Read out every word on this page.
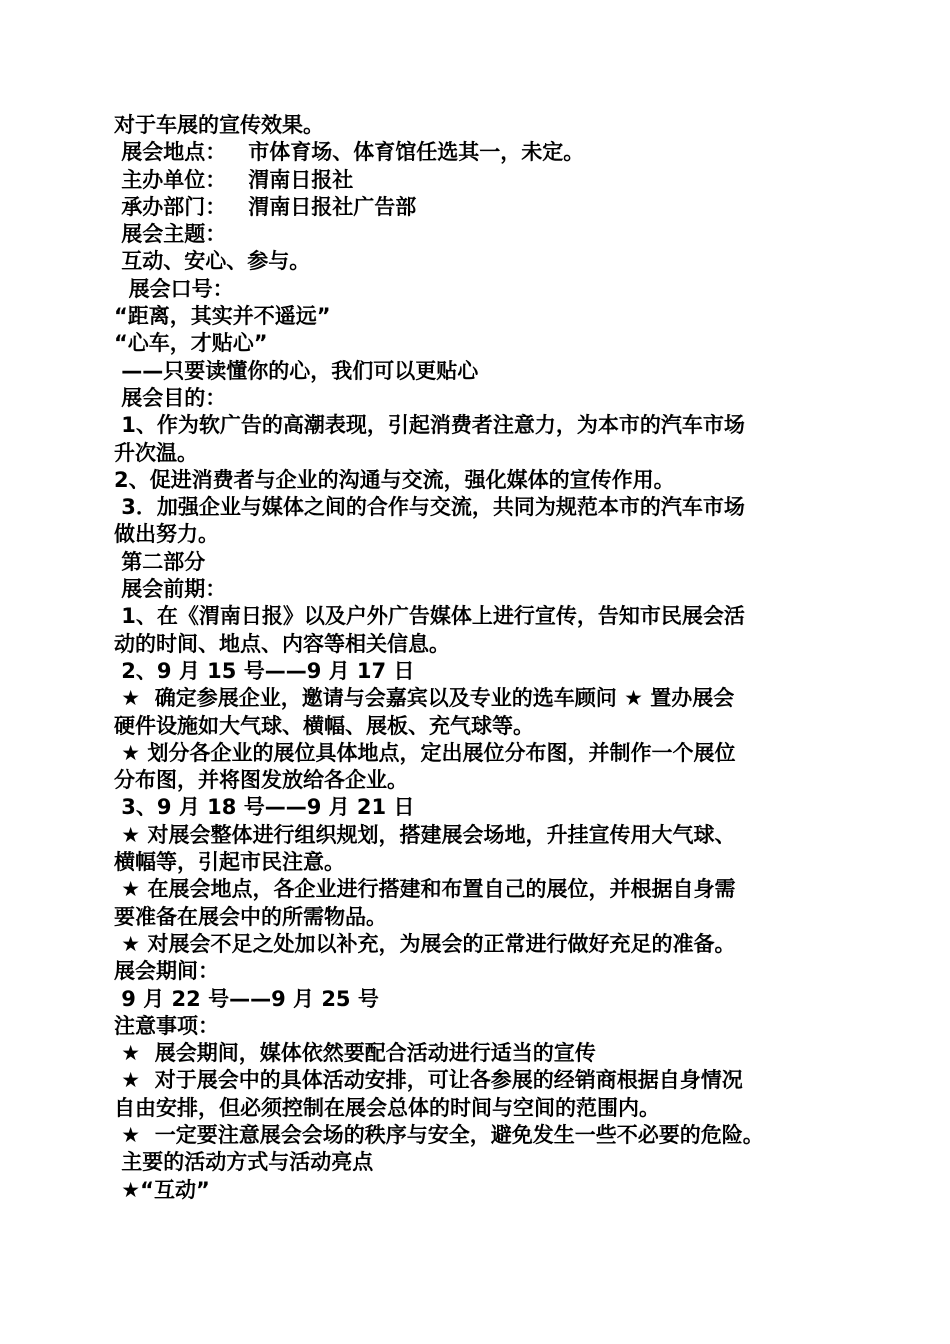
对于车展的宣传效果。
展会地点：   市体育场、体育馆任选其一，未定。
主办单位：   渭南日报社
承办部门：   渭南日报社广告部
展会主题：
互动、安心、参与。
展会口号：
“距离，其实并不遥远”
“心车，才贴心”
——只要读懂你的心，我们可以更贴心
展会目的：
1、作为软广告的高潮表现，引起消费者注意力，为本市的汽车市场
升次温。
2、促进消费者与企业的沟通与交流，强化媒体的宣传作用。
3．加强企业与媒体之间的合作与交流，共同为规范本市的汽车市场
做出努力。
第二部分
展会前期：
1、在《渭南日报》以及户外广告媒体上进行宣传，告知市民展会活
动的时间、地点、内容等相关信息。
2、9 月 15 号——9 月 17 日
★  确定参展企业，邀请与会嘉宾以及专业的选车顾问 ★ 置办展会
硬件设施如大气球、横幅、展板、充气球等。
★ 划分各企业的展位具体地点，定出展位分布图，并制作一个展位
分布图，并将图发放给各企业。
3、9 月 18 号——9 月 21 日
★ 对展会整体进行组织规划，搭建展会场地，升挂宣传用大气球、
横幅等，引起市民注意。
★ 在展会地点，各企业进行搭建和布置自己的展位，并根据自身需
要准备在展会中的所需物品。
★ 对展会不足之处加以补充，为展会的正常进行做好充足的准备。
展会期间：
9 月 22 号——9 月 25 号
注意事项：
★  展会期间，媒体依然要配合活动进行适当的宣传
★  对于展会中的具体活动安排，可让各参展的经销商根据自身情况
自由安排，但必须控制在展会总体的时间与空间的范围内。
★  一定要注意展会会场的秩序与安全，避免发生一些不必要的危险。
主要的活动方式与活动亮点
★“互动”
